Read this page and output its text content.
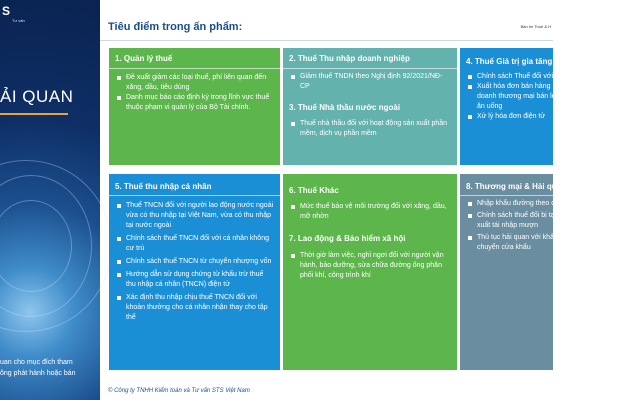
S
Tư vấn
ẢI QUAN
uan cho mục đích tham
ông phát hành hoặc bán
Tiêu điểm trong ấn phẩm:	Bản tin Thuế & H
1. Quản lý thuế
Đề xuất giảm các loại thuế, phí liên quan đến xăng, dầu, tiêu dùng
Danh mục báo cáo định kỳ trong lĩnh vực thuế thuộc phạm vi quản lý của Bộ Tài chính.
2. Thuế Thu nhập doanh nghiệp
Giảm thuế TNDN theo Nghị định 92/2021/NĐ-CP
3. Thuế Nhà thầu nước ngoài
Thuế nhà thầu đối với hoạt động sản xuất phần mềm, dịch vụ phần mềm
4. Thuế Giá trị gia tăng
Chính sách Thuế đối với xuất khi thanh lý TSCĐ
Xuất hóa đơn bán hàng doanh thương mại bán lẻ vụ ăn uống
Xử lý hóa đơn điện tử
5. Thuế thu nhập cá nhân
Thuế TNCN đối với người lao động nước ngoài vừa có thu nhập tại Việt Nam, vừa có thu nhập tại nước ngoài
Chính sách thuế TNCN đối với cá nhân không cư trú
Chính sách thuế TNCN từ chuyển nhượng vốn
Hướng dẫn sử dụng chứng từ khấu trừ thuế thu nhập cá nhân (TNCN) điện tử
Xác định thu nhập chịu thuế TNCN đối với khoản thưởng cho cá nhân nhận thay cho tập thể
6. Thuế Khác
Mức thuế bảo vệ môi trường đối với xăng, dầu, mỡ nhờn
7. Lao động & Bảo hiểm xã hội
Thời giờ làm việc, nghỉ ngơi đối với người vận hành, bảo dưỡng, sửa chữa đường ống phân phối khí, công trình khí
8. Thương mại & Hải quan
Nhập khẩu đường theo quan
Chính sách thuế đối bị tạm xuất tái nhập mượn
Thủ tục hải quan với khẩu chuyển cửa khẩu
© Công ty TNHH Kiểm toán và Tư vấn STS Việt Nam
